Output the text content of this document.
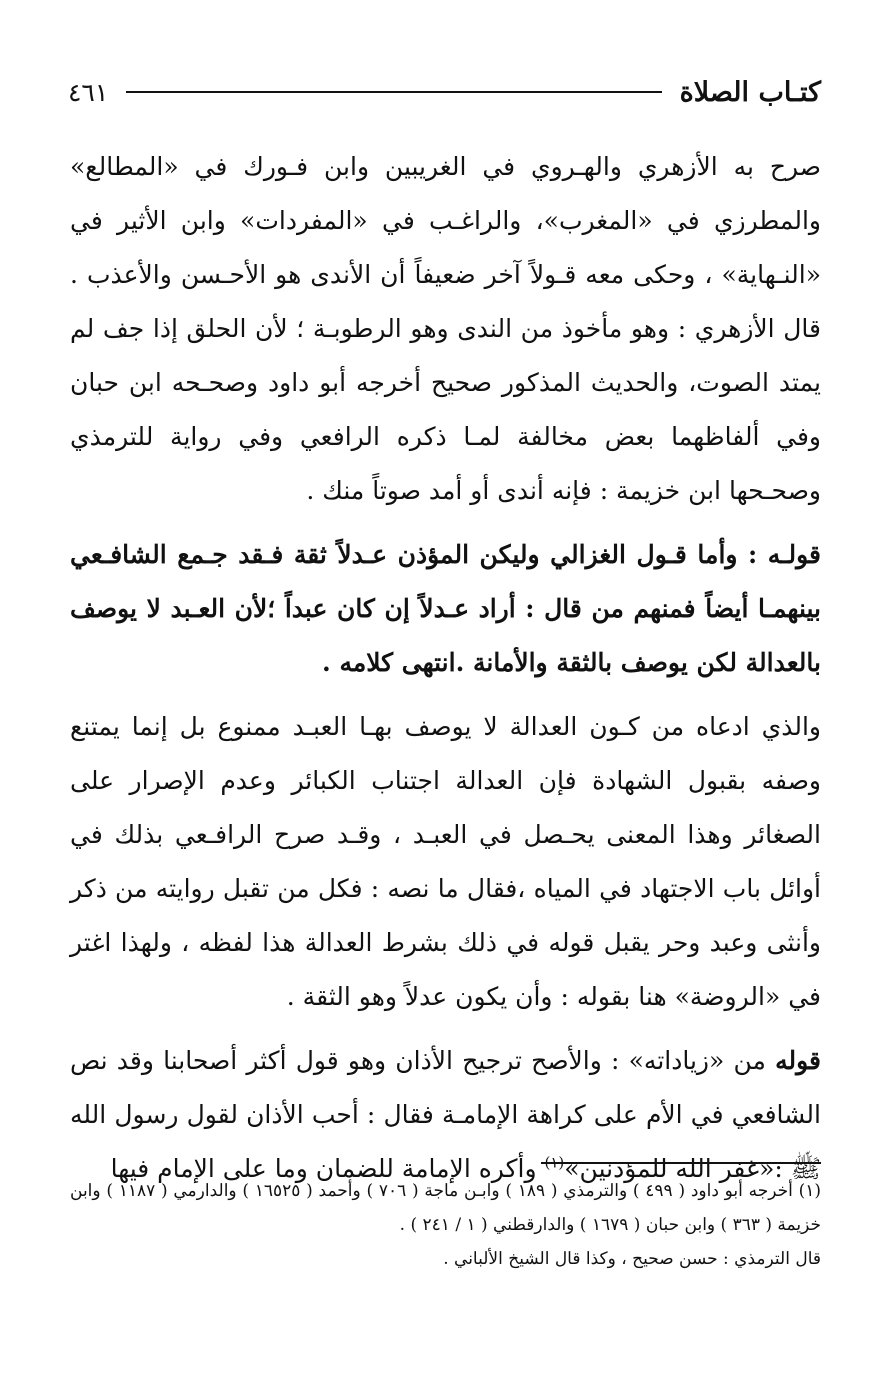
كتـاب الصلاة
٤٦١

صرح به الأزهري والهـروي في الغريبين وابن فـورك في «المطالع» والمطرزي في «المغرب»، والراغـب في «المفردات» وابن الأثير في «النـهاية» ، وحكى معه قـولاً آخر ضعيفاً أن الأندى هو الأحـسن والأعذب . قال الأزهري : وهو مأخوذ من الندى وهو الرطوبـة ؛ لأن الحلق إذا جف لم يمتد الصوت، والحديث المذكور صحيح أخرجه أبو داود وصحـحه ابن حبان وفي ألفاظهما بعض مخالفة لمـا ذكره الرافعي وفي رواية للترمذي وصحـحها ابن خزيمة : فإنه أندى أو أمد صوتاً منك .

قولـه : وأما قـول الغزالي وليكن المؤذن عـدلاً ثقة فـقد جـمع الشافـعي بينهمـا أيضاً فمنهم من قال : أراد عـدلاً إن كان عبداً ؛لأن العـبد لا يوصف بالعدالة لكن يوصف بالثقة والأمانة .انتهى كلامه .

والذي ادعاه من كـون العدالة لا يوصف بهـا العبـد ممنوع بل إنما يمتنع وصفه بقبول الشهادة فإن العدالة اجتناب الكبائر وعدم الإصرار على الصغائر وهذا المعنى يحـصل في العبـد ، وقـد صرح الرافـعي بذلك في أوائل باب الاجتهاد في المياه ،فقال ما نصه : فكل من تقبل روايته من ذكر وأنثى وعبد وحر يقبل قوله في ذلك بشرط العدالة هذا لفظه ، ولهذا اغتر في «الروضة» هنا بقوله : وأن يكون عدلاً وهو الثقة .

قوله من «زياداته» : والأصح ترجيح الأذان وهو قول أكثر أصحابنا وقد نص الشافعي في الأم على كراهة الإمامـة فقال : أحب الأذان لقول رسول الله ﷺ :«غفر الله للمؤذنين»$^{(١)}$ وأكره الإمامة للضمان وما على الإمام فيها

(١) أخرجه أبو داود ( ٤٩٩ ) والترمذي ( ١٨٩ ) وابـن ماجة ( ٧٠٦ ) وأحمد ( ١٦٥٢٥ ) والدارمي ( ١١٨٧ ) وابن خزيمة ( ٣٦٣ ) وابن حبان ( ١٦٧٩ ) والدارقطني ( ١ / ٢٤١ ) .

قال الترمذي : حسن صحيح ، وكذا قال الشيخ الألباني .
